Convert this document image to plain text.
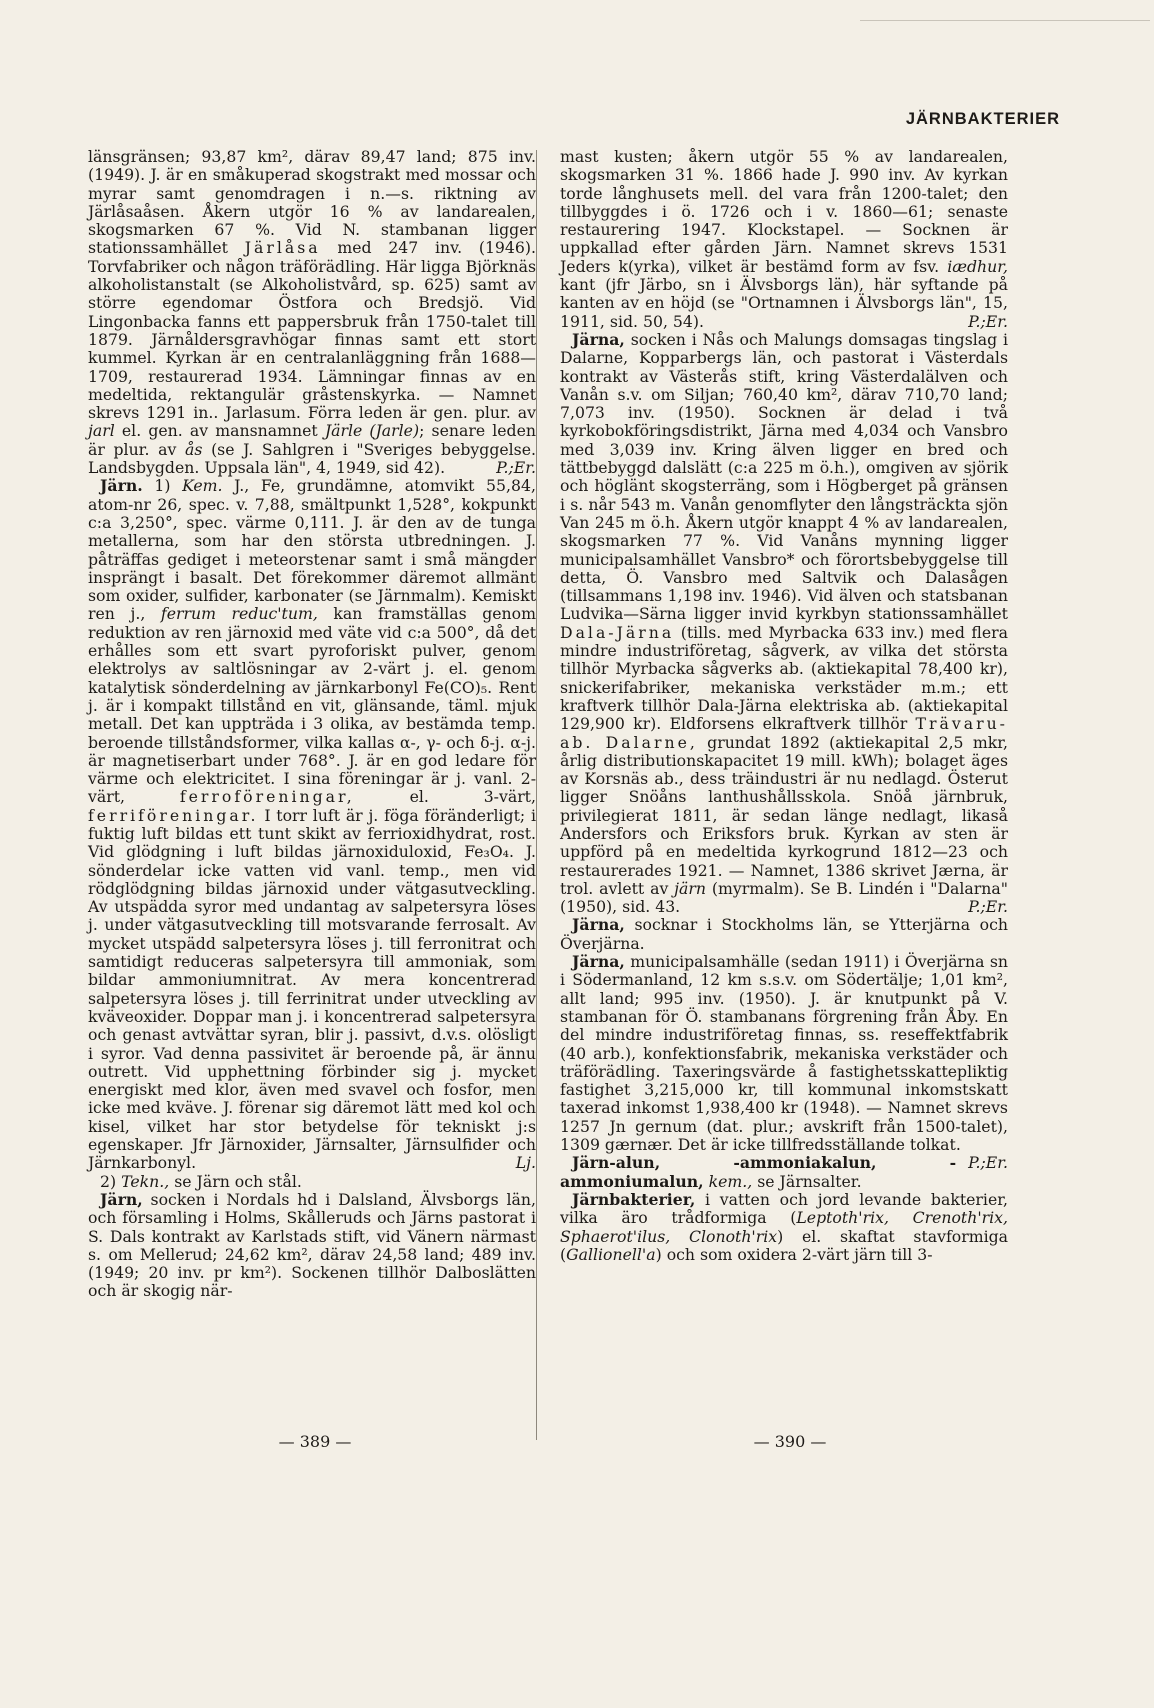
JÄRNBAKTERIER

länsgränsen; 93,87 km², därav 89,47 land; 875 inv. (1949). J. är en småkuperad skogstrakt med mossar och myrar samt genomdragen i n.—s. riktning av Järlåsaåsen. Åkern utgör 16 % av landarealen, skogsmarken 67 %. Vid N. stambanan ligger stationssamhället Järlåsa med 247 inv. (1946). Torvfabriker och någon träförädling. Här ligga Björknäs alkoholistanstalt (se Alkoholistvård, sp. 625) samt av större egendomar Östfora och Bredsjö. Vid Lingonbacka fanns ett pappersbruk från 1750-talet till 1879. Järnåldersgravhögar finnas samt ett stort kummel. Kyrkan är en centralanläggning från 1688—1709, restaurerad 1934. Lämningar finnas av en medeltida, rektangulär gråstenskyrka. — Namnet skrevs 1291 in.. Jarlasum. Förra leden är gen. plur. av jarl el. gen. av mansnamnet Järle (Jarle); senare leden är plur. av ås (se J. Sahlgren i "Sveriges bebyggelse. Landsbygden. Uppsala län", 4, 1949, sid 42).	P.;Er.

Järn. 1) Kem. J., Fe, grundämne, atomvikt 55,84, atom-nr 26, spec. v. 7,88, smältpunkt 1,528°, kokpunkt c:a 3,250°, spec. värme 0,111. J. är den av de tunga metallerna, som har den största utbredningen. J. påträffas gediget i meteorstenar samt i små mängder insprängt i basalt. Det förekommer däremot allmänt som oxider, sulfider, karbonater (se Järnmalm). Kemiskt ren j., ferrum reduc'tum, kan framställas genom reduktion av ren järnoxid med väte vid c:a 500°, då det erhålles som ett svart pyroforiskt pulver, genom elektrolys av saltlösningar av 2-värt j. el. genom katalytisk sönderdelning av järnkarbonyl Fe(CO)₅. Rent j. är i kompakt tillstånd en vit, glänsande, täml. mjuk metall. Det kan uppträda i 3 olika, av bestämda temp. beroende tillståndsformer, vilka kallas α-, γ- och δ-j. α-j. är magnetiserbart under 768°. J. är en god ledare för värme och elektricitet. I sina föreningar är j. vanl. 2-värt,	ferroföreningar,	el. 3-värt, ferriföreningar. I torr luft är j. föga föränderligt; i fuktig luft bildas ett tunt skikt av ferrioxidhydrat, rost. Vid glödgning i luft bildas järnoxiduloxid, Fe₃O₄. J. sönderdelar icke vatten vid vanl. temp., men vid rödglödgning bildas järnoxid under vätgasutveckling. Av utspädda syror med undantag av salpetersyra löses j. under vätgasutveckling till motsvarande ferrosalt. Av mycket utspädd salpetersyra löses j. till ferronitrat och samtidigt reduceras salpetersyra till ammoniak, som bildar ammoniumnitrat. Av mera koncentrerad salpetersyra löses j. till ferrinitrat under utveckling av kväveoxider. Doppar man j. i koncentrerad salpetersyra och genast avtvättar syran, blir j. passivt, d.v.s. olösligt i syror. Vad denna passivitet är beroende på, är ännu outrett. Vid upphettning förbinder sig j. mycket energiskt med klor, även med svavel och fosfor, men icke med kväve. J. förenar sig däremot lätt med kol och kisel, vilket har stor betydelse för tekniskt j:s egenskaper. Jfr Järnoxider, Järnsalter, Järnsulfider och Järnkarbonyl.	Lj.

2) Tekn., se Järn och stål.

Järn, socken i Nordals hd i Dalsland, Älvsborgs län, och församling i Holms, Skålleruds och Järns pastorat i S. Dals kontrakt av Karlstads stift, vid Vänern närmast s. om Mellerud; 24,62 km², därav 24,58 land; 489 inv. (1949; 20 inv. pr km²). Sockenen tillhör Dalboslätten och är skogig när-

mast kusten; åkern utgör 55 % av landarealen, skogsmarken 31 %. 1866 hade J. 990 inv. Av kyrkan torde långhusets mell. del vara från 1200-talet; den tillbyggdes i ö. 1726 och i v. 1860—61; senaste restaurering 1947. Klockstapel. — Socknen är uppkallad efter gården Järn. Namnet skrevs 1531 Jeders k(yrka), vilket är bestämd form av fsv. iædhur, kant (jfr Järbo, sn i Älvsborgs län), här syftande på kanten av en höjd (se "Ortnamnen i Älvsborgs län", 15, 1911, sid. 50, 54).	P.;Er.

Järna, socken i Nås och Malungs domsagas tingslag i Dalarne, Kopparbergs län, och pastorat i Västerdals kontrakt av Västerås stift, kring Västerdalälven och Vanån s.v. om Siljan; 760,40 km², därav 710,70 land; 7,073 inv. (1950). Socknen är delad i två kyrkobokföringsdistrikt, Järna med 4,034 och Vansbro med 3,039 inv. Kring älven ligger en bred och tättbebyggd dalslätt (c:a 225 m ö.h.), omgiven av sjörik och höglänt skogsterräng, som i Högberget på gränsen i s. når 543 m. Vanån genomflyter den långsträckta sjön Van 245 m ö.h. Åkern utgör knappt 4 % av landarealen, skogsmarken 77 %. Vid Vanåns mynning ligger municipalsamhället Vansbro* och förortsbebyggelse till detta, Ö. Vansbro med Saltvik och Dalasågen (tillsammans 1,198 inv. 1946). Vid älven och statsbanan Ludvika—Särna ligger invid kyrkbyn stationssamhället Dala-Järna (tills. med Myrbacka 633 inv.) med flera mindre industriföretag, sågverk, av vilka det största tillhör Myrbacka sågverks ab. (aktiekapital 78,400 kr), snickerifabriker, mekaniska verkstäder m.m.; ett kraftverk tillhör Dala-Järna elektriska ab. (aktiekapital 129,900 kr). Eldforsens elkraftverk tillhör Trävaru-ab. Dalarne, grundat 1892 (aktiekapital 2,5 mkr, årlig distributionskapacitet 19 mill. kWh); bolaget äges av Korsnäs ab., dess träindustri är nu nedlagd. Österut ligger Snöåns lanthushållsskola. Snöå järnbruk, privilegierat 1811, är sedan länge nedlagt, likaså Andersfors och Eriksfors bruk. Kyrkan av sten är uppförd på en medeltida kyrkogrund 1812—23 och restaurerades 1921. — Namnet, 1386 skrivet Jærna, är trol. avlett av järn (myrmalm). Se B. Lindén i "Dalarna" (1950), sid. 43.	P.;Er.

Järna, socknar i Stockholms län, se Ytterjärna och Överjärna.

Järna, municipalsamhälle (sedan 1911) i Överjärna sn i Södermanland, 12 km s.s.v. om Södertälje; 1,01 km², allt land; 995 inv. (1950). J. är knutpunkt på V. stambanan för Ö. stambanans förgrening från Åby. En del mindre industriföretag finnas, ss. reseffektfabrik (40 arb.), konfektionsfabrik, mekaniska verkstäder och träförädling. Taxeringsvärde å fastighetsskattepliktig fastighet 3,215,000 kr, till kommunal inkomstskatt taxerad inkomst 1,938,400 kr (1948). — Namnet skrevs 1257 Jn gernum (dat. plur.; avskrift från 1500-talet), 1309 gærnær. Det är icke tillfredsställande tolkat.
P.;Er.

Järn-alun, -ammoniakalun, -ammoniumalun, kem., se Järnsalter.

Järnbakterier, i vatten och jord levande bakterier, vilka äro trådformiga (Leptoth'rix, Crenoth'rix, Sphaerot'ilus, Clonoth'rix) el. skaftat stavformiga (Gallionell'a) och som oxidera 2-värt järn till 3-

— 389 —	— 390 —
